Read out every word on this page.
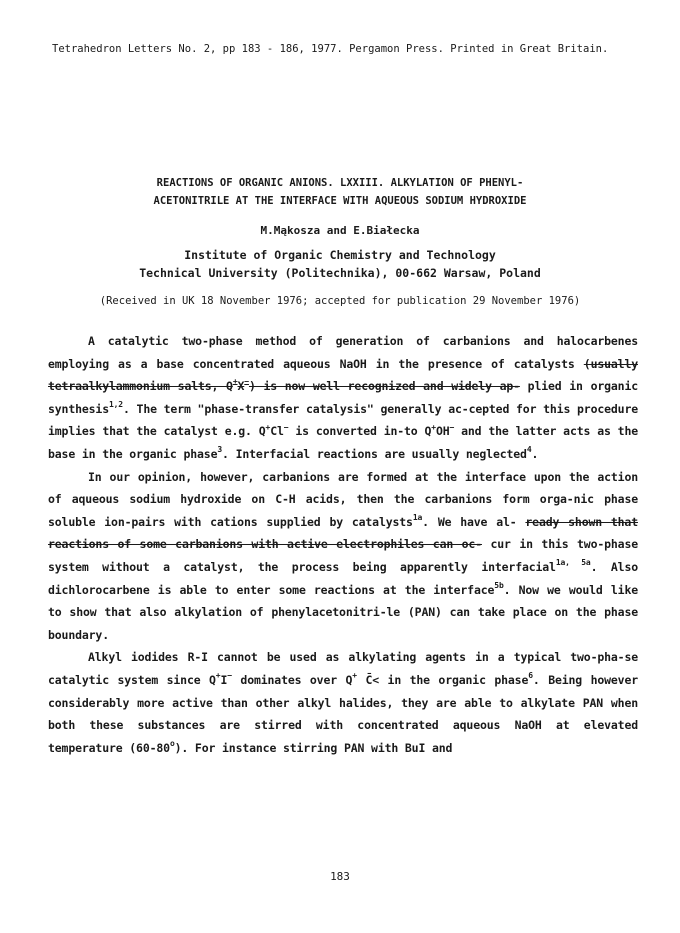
Tetrahedron Letters No. 2, pp 183 - 186, 1977. Pergamon Press. Printed in Great Britain.
REACTIONS OF ORGANIC ANIONS. LXXIII. ALKYLATION OF PHENYL-
ACETONITRILE AT THE INTERFACE WITH AQUEOUS SODIUM HYDROXIDE
M.Mąkosza and E.Białecka
Institute of Organic Chemistry and Technology
Technical University (Politechnika), 00-662 Warsaw, Poland
(Received in UK 18 November 1976; accepted for publication 29 November 1976)

A catalytic two-phase method of generation of carbanions and halocarbenes employing as a base concentrated aqueous NaOH in the presence of catalysts (usually tetraalkylammonium salts, Q+X−) is now well recognized and widely ap- plied in organic synthesis$^{1,2}$. The term "phase-transfer catalysis" generally ac-cepted for this procedure implies that the catalyst e.g. Q+Cl− is converted in-to Q+OH− and the latter acts as the base in the organic phase$^3$. Interfacial reactions are usually neglected$^4$.

In our opinion, however, carbanions are formed at the interface upon the action of aqueous sodium hydroxide on C-H acids, then the carbanions form orga-nic phase soluble ion-pairs with cations supplied by catalysts$^{1a}$. We have al- ready shown that reactions of some carbanions with active electrophiles can oc- cur in this two-phase system without a catalyst, the process being apparently interfacial$^{1a, 5a}$. Also dichlorocarbene is able to enter some reactions at the interface$^{5b}$. Now we would like to show that also alkylation of phenylacetonitri-le (PAN) can take place on the phase boundary.

Alkyl iodides R-I cannot be used as alkylating agents in a typical two-pha-se catalytic system since Q+I− dominates over Q+ C̄< in the organic phase$^6$. Being however considerably more active than other alkyl halides, they are able to alkylate PAN when both these substances are stirred with concentrated aqueous NaOH at elevated temperature (60-80$^o$). For instance stirring PAN with BuI and

183
